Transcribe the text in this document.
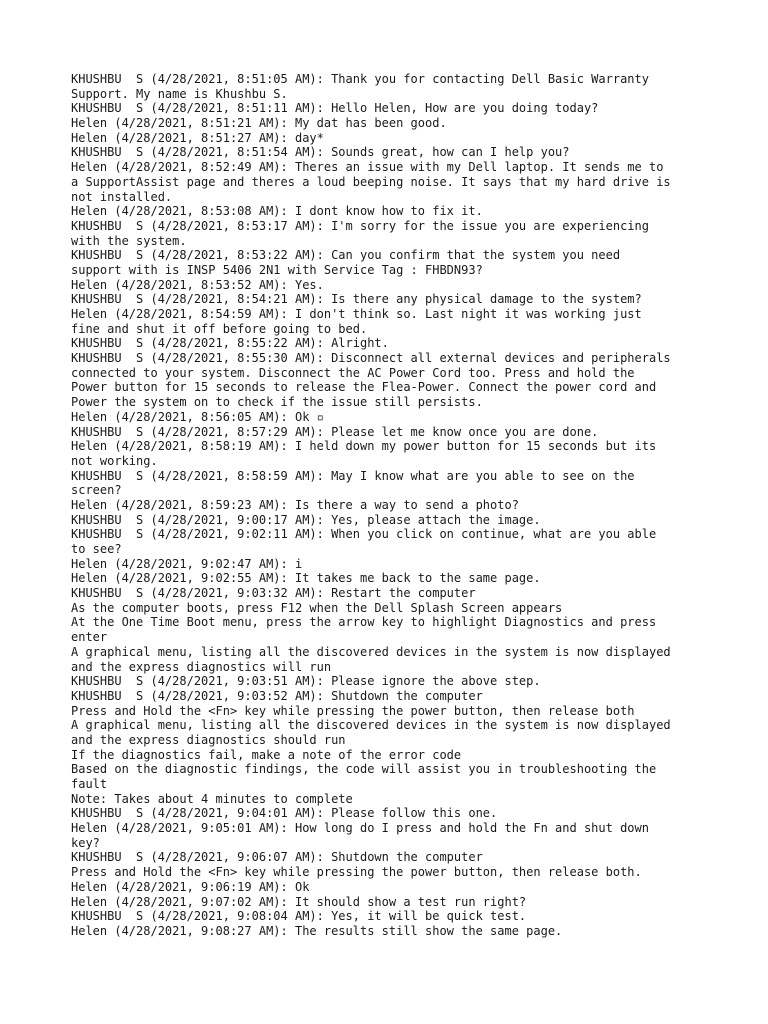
KHUSHBU  S (4/28/2021, 8:51:05 AM): Thank you for contacting Dell Basic Warranty
Support. My name is Khushbu S.
KHUSHBU  S (4/28/2021, 8:51:11 AM): Hello Helen, How are you doing today?
Helen (4/28/2021, 8:51:21 AM): My dat has been good.
Helen (4/28/2021, 8:51:27 AM): day*
KHUSHBU  S (4/28/2021, 8:51:54 AM): Sounds great, how can I help you?
Helen (4/28/2021, 8:52:49 AM): Theres an issue with my Dell laptop. It sends me to
a SupportAssist page and theres a loud beeping noise. It says that my hard drive is
not installed.
Helen (4/28/2021, 8:53:08 AM): I dont know how to fix it.
KHUSHBU  S (4/28/2021, 8:53:17 AM): I'm sorry for the issue you are experiencing
with the system.
KHUSHBU  S (4/28/2021, 8:53:22 AM): Can you confirm that the system you need
support with is INSP 5406 2N1 with Service Tag : FHBDN93?
Helen (4/28/2021, 8:53:52 AM): Yes.
KHUSHBU  S (4/28/2021, 8:54:21 AM): Is there any physical damage to the system?
Helen (4/28/2021, 8:54:59 AM): I don't think so. Last night it was working just
fine and shut it off before going to bed.
KHUSHBU  S (4/28/2021, 8:55:22 AM): Alright.
KHUSHBU  S (4/28/2021, 8:55:30 AM): Disconnect all external devices and peripherals
connected to your system. Disconnect the AC Power Cord too. Press and hold the
Power button for 15 seconds to release the Flea-Power. Connect the power cord and
Power the system on to check if the issue still persists.
Helen (4/28/2021, 8:56:05 AM): Ok ▫
KHUSHBU  S (4/28/2021, 8:57:29 AM): Please let me know once you are done.
Helen (4/28/2021, 8:58:19 AM): I held down my power button for 15 seconds but its
not working.
KHUSHBU  S (4/28/2021, 8:58:59 AM): May I know what are you able to see on the
screen?
Helen (4/28/2021, 8:59:23 AM): Is there a way to send a photo?
KHUSHBU  S (4/28/2021, 9:00:17 AM): Yes, please attach the image.
KHUSHBU  S (4/28/2021, 9:02:11 AM): When you click on continue, what are you able
to see?
Helen (4/28/2021, 9:02:47 AM): i
Helen (4/28/2021, 9:02:55 AM): It takes me back to the same page.
KHUSHBU  S (4/28/2021, 9:03:32 AM): Restart the computer
As the computer boots, press F12 when the Dell Splash Screen appears
At the One Time Boot menu, press the arrow key to highlight Diagnostics and press
enter
A graphical menu, listing all the discovered devices in the system is now displayed
and the express diagnostics will run
KHUSHBU  S (4/28/2021, 9:03:51 AM): Please ignore the above step.
KHUSHBU  S (4/28/2021, 9:03:52 AM): Shutdown the computer
Press and Hold the <Fn> key while pressing the power button, then release both
A graphical menu, listing all the discovered devices in the system is now displayed
and the express diagnostics should run
If the diagnostics fail, make a note of the error code
Based on the diagnostic findings, the code will assist you in troubleshooting the
fault
Note: Takes about 4 minutes to complete
KHUSHBU  S (4/28/2021, 9:04:01 AM): Please follow this one.
Helen (4/28/2021, 9:05:01 AM): How long do I press and hold the Fn and shut down
key?
KHUSHBU  S (4/28/2021, 9:06:07 AM): Shutdown the computer
Press and Hold the <Fn> key while pressing the power button, then release both.
Helen (4/28/2021, 9:06:19 AM): Ok
Helen (4/28/2021, 9:07:02 AM): It should show a test run right?
KHUSHBU  S (4/28/2021, 9:08:04 AM): Yes, it will be quick test.
Helen (4/28/2021, 9:08:27 AM): The results still show the same page.
